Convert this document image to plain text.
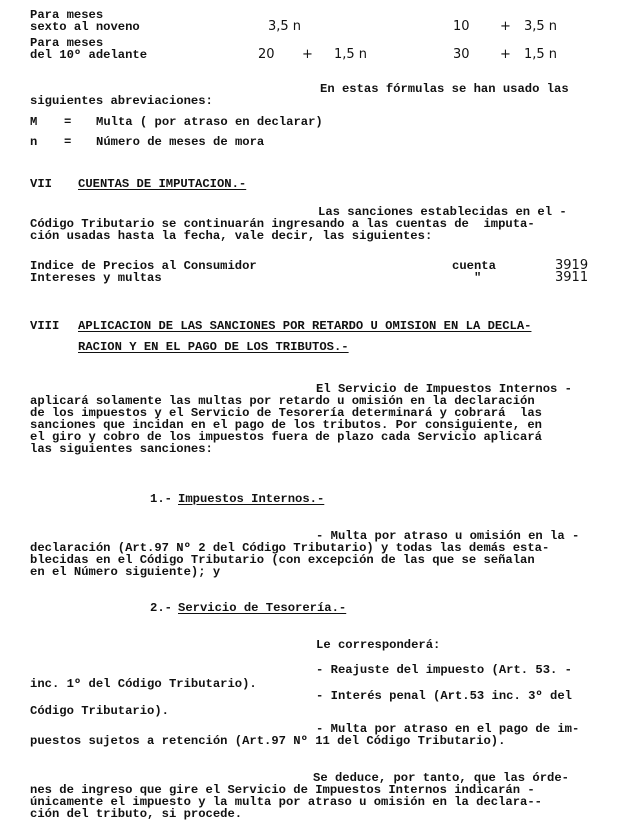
Para meses
sexto al noveno	3,5 n	10 + 3,5 n
Para meses
del 10º adelante	20 + 1,5 n	30 + 1,5 n
En estas fórmulas se han usado las
siguientes abreviaciones:
M = Multa ( por atraso en declarar)
n = Número de meses de mora
VII CUENTAS DE IMPUTACION.-
Las sanciones establecidas en el -
Código Tributario se continuarán ingresando a las cuentas de  imputa-
ción usadas hasta la fecha, vale decir, las siguientes:
Indice de Precios al Consumidor	cuenta	3919
Intereses y multas	"	3911
VIII APLICACION DE LAS SANCIONES POR RETARDO U OMISION EN LA DECLA-
RACION Y EN EL PAGO DE LOS TRIBUTOS.-
El Servicio de Impuestos Internos -
aplicará solamente las multas por retardo u omisión en la declaración
de los impuestos y el Servicio de Tesorería determinará y cobrará  las
sanciones que incidan en el pago de los tributos. Por consiguiente, en
el giro y cobro de los impuestos fuera de plazo cada Servicio aplicará
las siguientes sanciones:
1.- Impuestos Internos.-
- Multa por atraso u omisión en la -
declaración (Art.97 Nº 2 del Código Tributario) y todas las demás esta-
blecidas en el Código Tributario (con excepción de las que se señalan
en el Número siguiente); y
2.- Servicio de Tesorería.-
Le corresponderá:
- Reajuste del impuesto (Art. 53. -
inc. 1º del Código Tributario).
- Interés penal (Art.53 inc. 3º del
Código Tributario).
- Multa por atraso en el pago de im-
puestos sujetos a retención (Art.97 Nº 11 del Código Tributario).
Se deduce, por tanto, que las órde-
nes de ingreso que gire el Servicio de Impuestos Internos indicarán -
únicamente el impuesto y la multa por atraso u omisión en la declara--
ción del tributo, si procede.
